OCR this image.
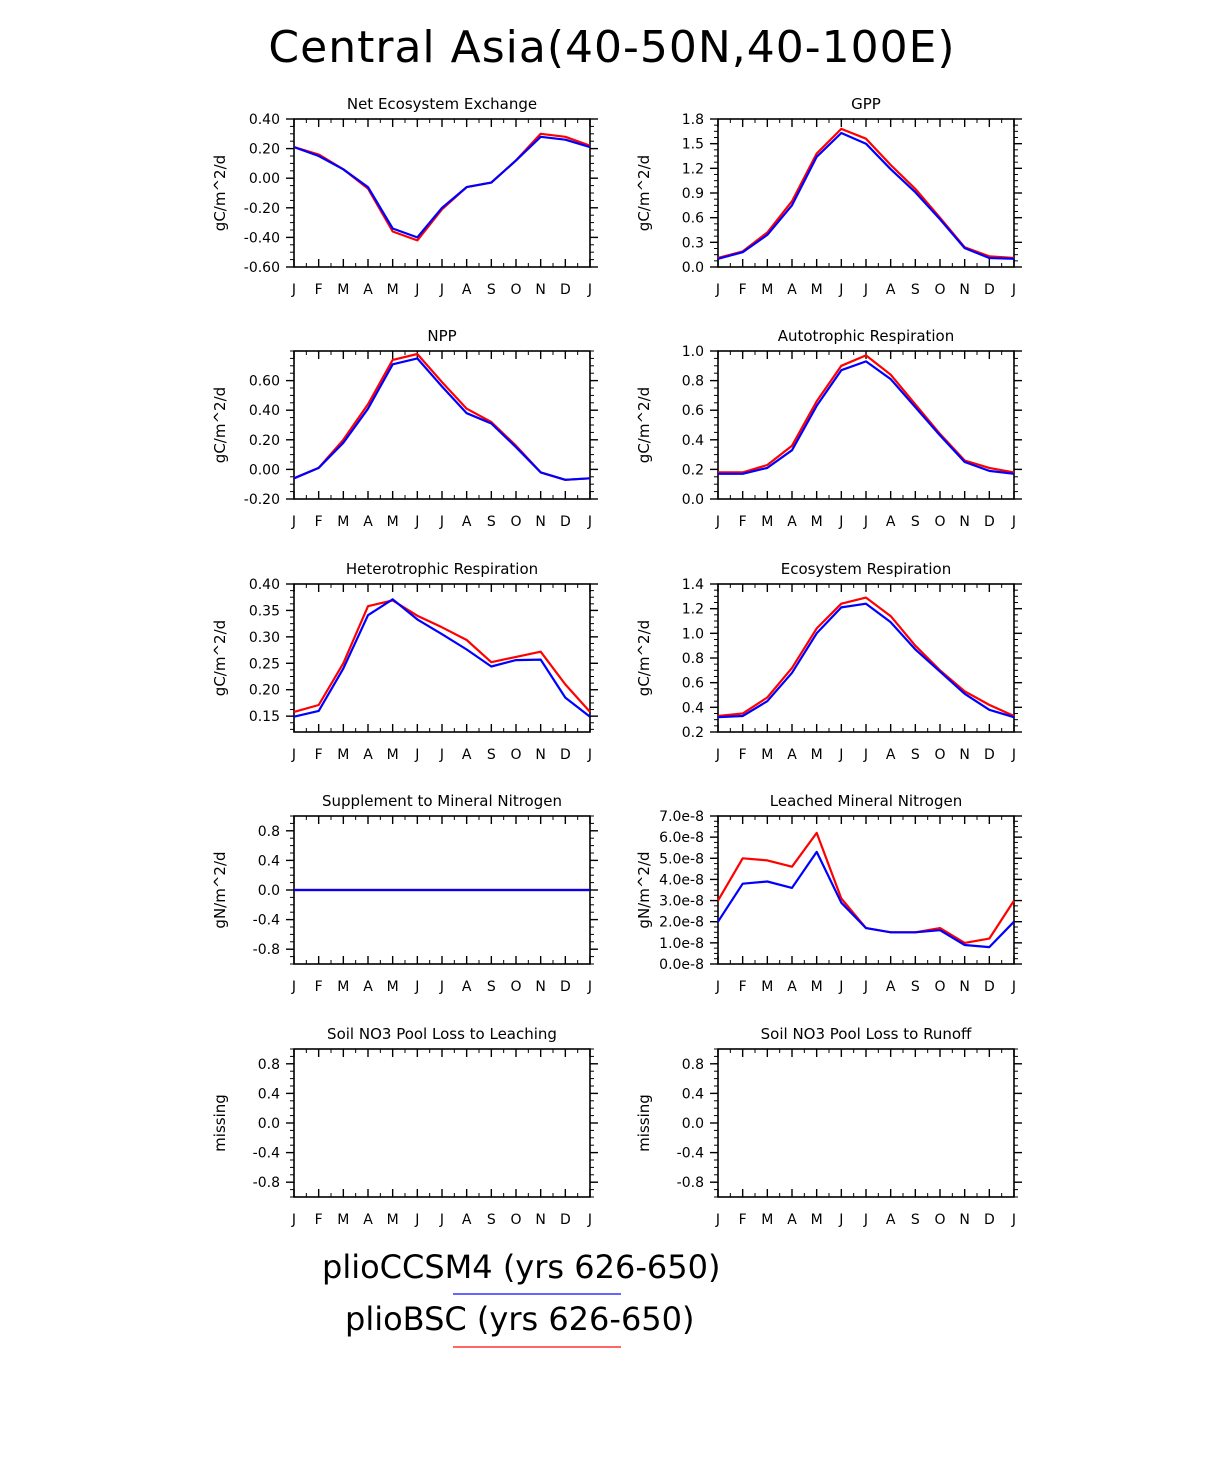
Central Asia(40-50N,40-100E)
J F M A M J J A S O N D J
-0.60
-0.40
-0.20
0.00
0.20
0.40
Net Ecosystem Exchange
gC/m^2/d
J F M A M J J A S O N D J
0.0
0.3
0.6
0.9
1.2
1.5
1.8
GPP
gC/m^2/d
J F M A M J J A S O N D J
-0.20
0.00
0.20
0.40
0.60
NPP
gC/m^2/d
J F M A M J J A S O N D J
0.0
0.2
0.4
0.6
0.8
1.0
Autotrophic Respiration
gC/m^2/d
J F M A M J J A S O N D J
0.15
0.20
0.25
0.30
0.35
0.40
Heterotrophic Respiration
gC/m^2/d
J F M A M J J A S O N D J
0.2
0.4
0.6
0.8
1.0
1.2
1.4
Ecosystem Respiration
gC/m^2/d
J F M A M J J A S O N D J
-0.8
-0.4
0.0
0.4
0.8
Supplement to Mineral Nitrogen
gN/m^2/d
J F M A M J J A S O N D J
0.0e-8
1.0e-8
2.0e-8
3.0e-8
4.0e-8
5.0e-8
6.0e-8
7.0e-8
Leached Mineral Nitrogen
gN/m^2/d
J F M A M J J A S O N D J
-0.8
-0.4
0.0
0.4
0.8
Soil NO3 Pool Loss to Leaching
missing
J F M A M J J A S O N D J
-0.8
-0.4
0.0
0.4
0.8
Soil NO3 Pool Loss to Runoff
missing
plioCCSM4 (yrs 626-650)
plioBSC (yrs 626-650)
